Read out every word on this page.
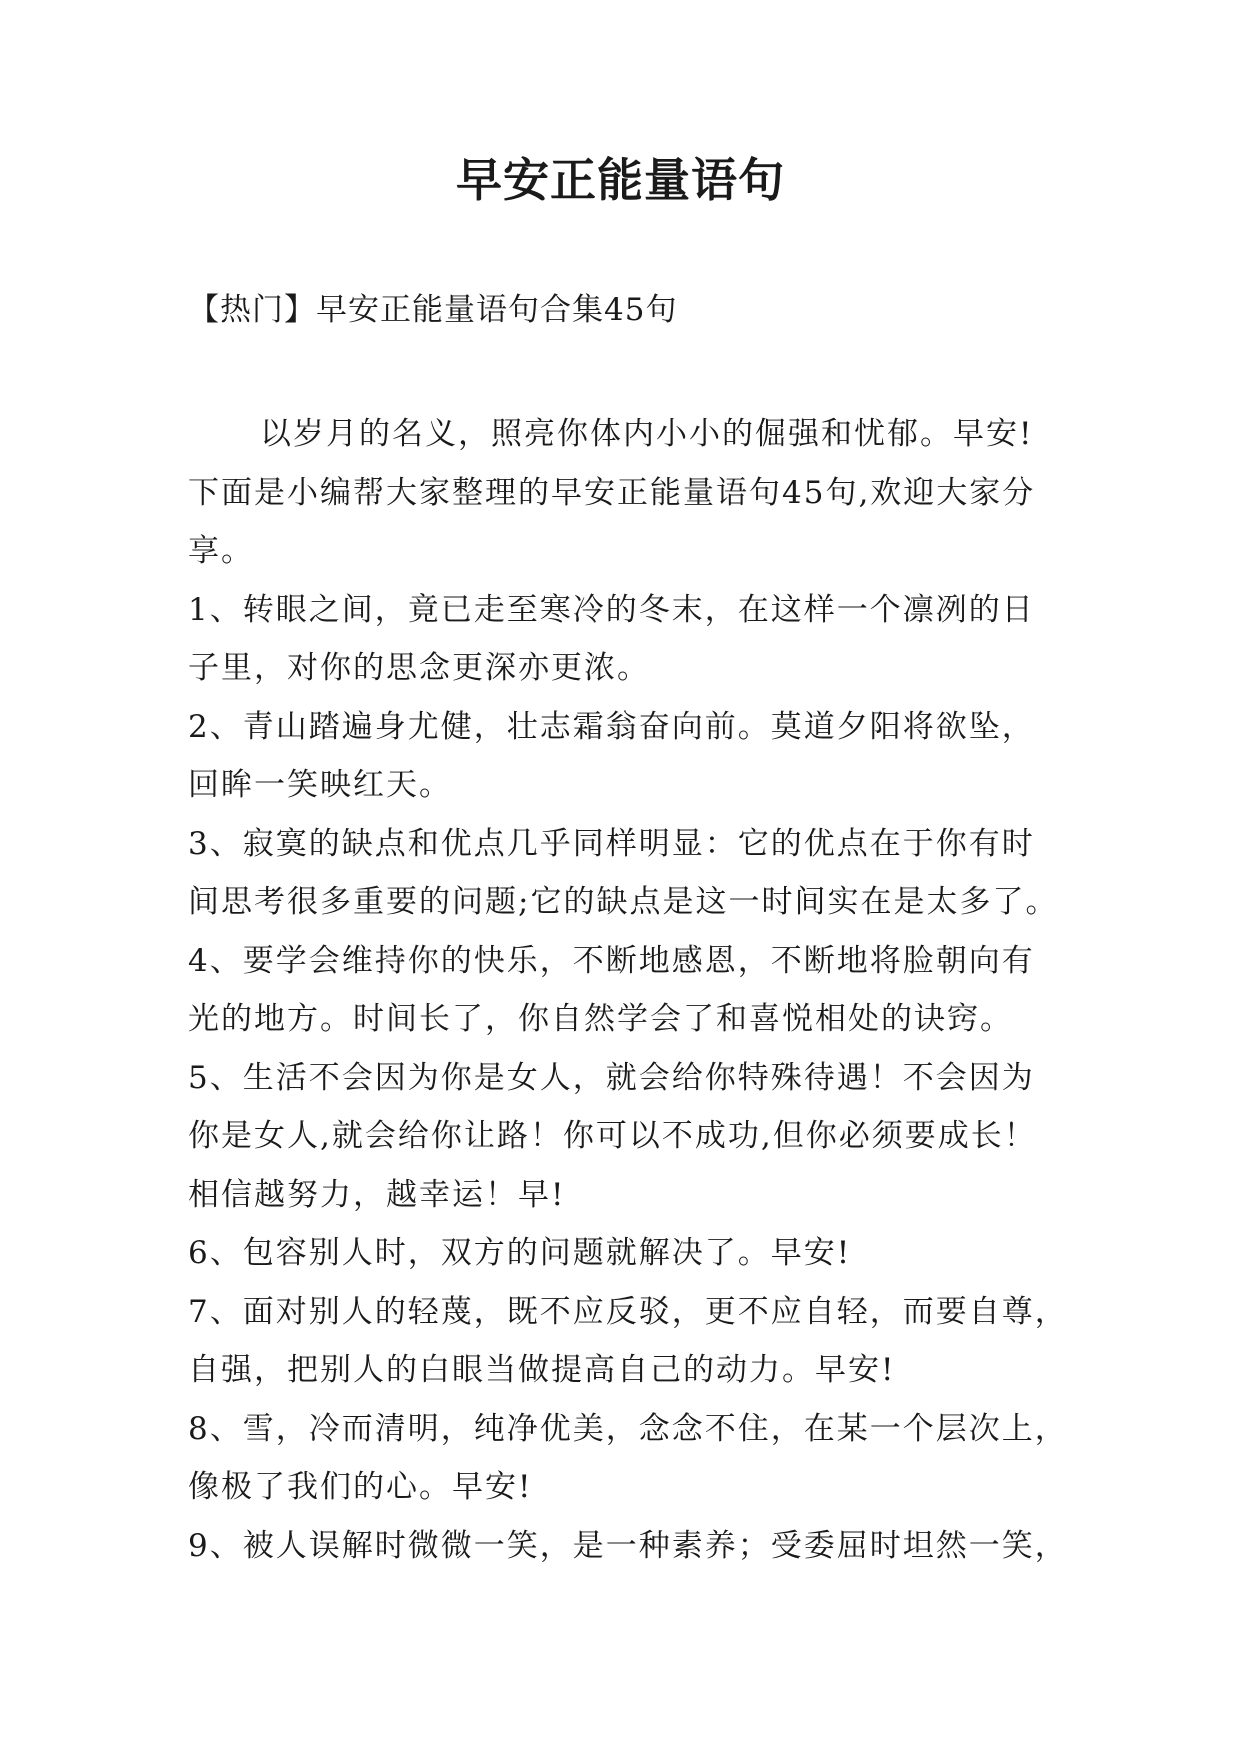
早安正能量语句
【热门】早安正能量语句合集45句
以岁月的名义，照亮你体内小小的倔强和忧郁。早安!
下面是小编帮大家整理的早安正能量语句45句,欢迎大家分
享。
1、转眼之间，竟已走至寒冷的冬末，在这样一个凛冽的日
子里，对你的思念更深亦更浓。
2、青山踏遍身尤健，壮志霜翁奋向前。莫道夕阳将欲坠，
回眸一笑映红天。
3、寂寞的缺点和优点几乎同样明显：它的优点在于你有时
间思考很多重要的问题;它的缺点是这一时间实在是太多了。
4、要学会维持你的快乐，不断地感恩，不断地将脸朝向有
光的地方。时间长了，你自然学会了和喜悦相处的诀窍。
5、生活不会因为你是女人，就会给你特殊待遇！不会因为
你是女人,就会给你让路！你可以不成功,但你必须要成长！
相信越努力，越幸运！早!
6、包容别人时，双方的问题就解决了。早安!
7、面对别人的轻蔑，既不应反驳，更不应自轻，而要自尊，
自强，把别人的白眼当做提高自己的动力。早安!
8、雪，冷而清明，纯净优美，念念不住，在某一个层次上，
像极了我们的心。早安!
9、被人误解时微微一笑，是一种素养；受委屈时坦然一笑，
